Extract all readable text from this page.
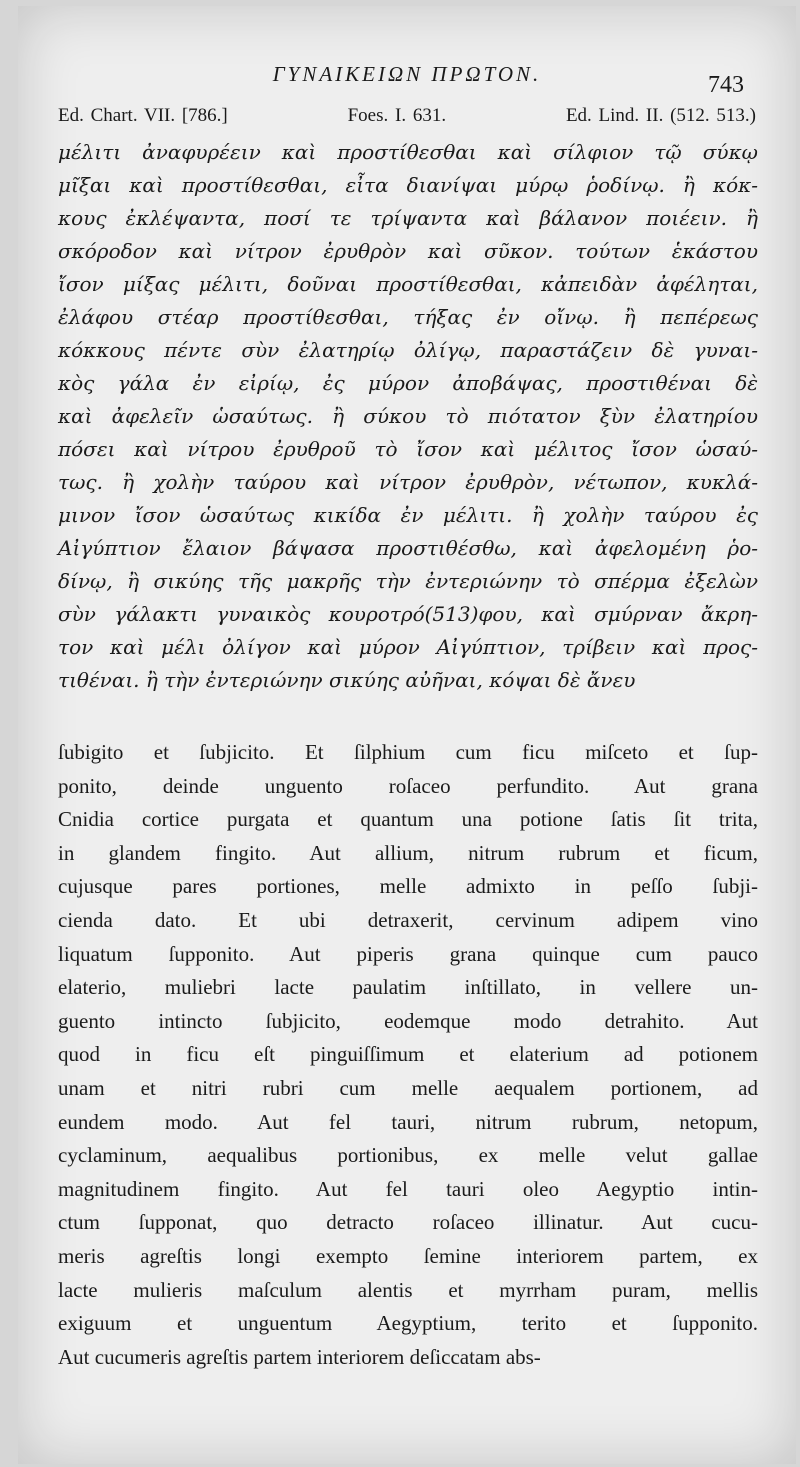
ΓΥΝΑΙΚΕΙΩΝ ΠΡΩΤΟΝ.	743
Ed. Chart. VII. [786.]	Foes. I. 631.	Ed. Lind. II. (512. 513.)
μέλιτι ἀναφυρέειν καὶ προστίθεσθαι καὶ σίλφιον τῷ σύκῳ
μῖξαι καὶ προστίθεσθαι, εἶτα διανίψαι μύρῳ ῥοδίνῳ. ἢ κόκ-
κους ἐκλέψαντα, ποσί τε τρίψαντα καὶ βάλανον ποιέειν. ἢ
σκόροδον καὶ νίτρον ἐρυθρὸν καὶ σῦκον. τούτων ἑκάστου
ἴσον μίξας μέλιτι, δοῦναι προστίθεσθαι, κἀπειδὰν ἀφέληται,
ἐλάφου στέαρ προστίθεσθαι, τήξας ἐν οἴνῳ. ἢ πεπέρεως
κόκκους πέντε σὺν ἐλατηρίῳ ὀλίγῳ, παραστάζειν δὲ γυναι-
κὸς γάλα ἐν εἰρίῳ, ἐς μύρον ἀποβάψας, προστιθέναι δὲ
καὶ ἀφελεῖν ὡσαύτως. ἢ σύκου τὸ πιότατον ξὺν ἐλατηρίου
πόσει καὶ νίτρου ἐρυθροῦ τὸ ἴσον καὶ μέλιτος ἴσον ὡσαύ-
τως. ἢ χολὴν ταύρου καὶ νίτρον ἐρυθρὸν, νέτωπον, κυκλά-
μινον ἴσον ὡσαύτως κικίδα ἐν μέλιτι. ἢ χολὴν ταύρου ἐς
Αἰγύπτιον ἔλαιον βάψασα προστιθέσθω, καὶ ἀφελομένη ῥο-
δίνῳ, ἢ σικύης τῆς μακρῆς τὴν ἐντεριώνην τὸ σπέρμα ἐξελὼν
σὺν γάλακτι γυναικὸς κουροτρό(513)φου, καὶ σμύρναν ἄκρη-
τον καὶ μέλι ὀλίγον καὶ μύρον Αἰγύπτιον, τρίβειν καὶ προς-
τιθέναι. ἢ τὴν ἐντεριώνην σικύης αὐῆναι, κόψαι δὲ ἄνευ
ſubigito et ſubjicito. Et ſilphium cum ficu miſceto et ſup-
ponito, deinde unguento roſaceo perfundito. Aut grana
Cnidia cortice purgata et quantum una potione ſatis ſit trita,
in glandem fingito. Aut allium, nitrum rubrum et ficum,
cujusque pares portiones, melle admixto in peſſo ſubji-
cienda dato. Et ubi detraxerit, cervinum adipem vino
liquatum ſupponito. Aut piperis grana quinque cum pauco
elaterio, muliebri lacte paulatim inſtillato, in vellere un-
guento intincto ſubjicito, eodemque modo detrahito. Aut
quod in ficu eſt pinguiſſimum et elaterium ad potionem
unam et nitri rubri cum melle aequalem portionem, ad
eundem modo. Aut fel tauri, nitrum rubrum, netopum,
cyclaminum, aequalibus portionibus, ex melle velut gallae
magnitudinem fingito. Aut fel tauri oleo Aegyptio intin-
ctum ſupponat, quo detracto roſaceo illinatur. Aut cucu-
meris agreſtis longi exempto ſemine interiorem partem, ex
lacte mulieris maſculum alentis et myrrham puram, mellis
exiguum et unguentum Aegyptium, terito et ſupponito.
Aut cucumeris agreſtis partem interiorem deſiccatam abs-
